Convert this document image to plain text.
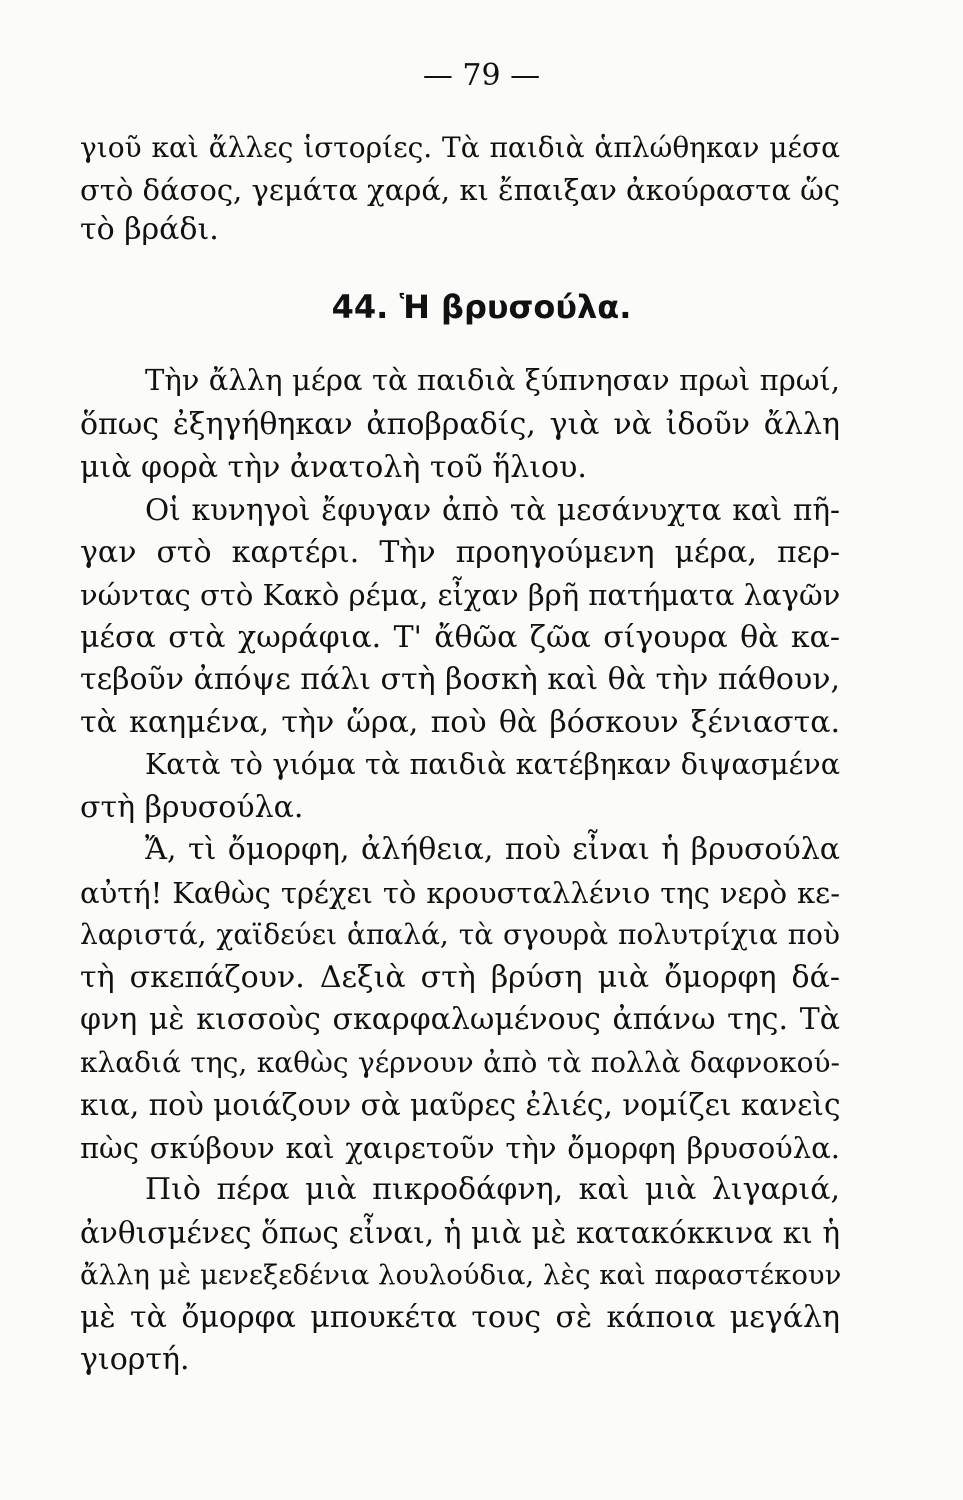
— 79 —
γιοῦ καὶ ἄλλες ἱστορίες. Τὰ παιδιὰ ἁπλώθηκαν μέσα
στὸ δάσος, γεμάτα χαρά, κι ἔπαιξαν ἀκούραστα ὥς
τὸ βράδι.
44. Ἡ βρυσούλα.
Τὴν ἄλλη μέρα τὰ παιδιὰ ξύπνησαν πρωὶ πρωί,
ὅπως ἐξηγήθηκαν ἀποβραδίς, γιὰ νὰ ἰδοῦν ἄλλη
μιὰ φορὰ τὴν ἀνατολὴ τοῦ ἥλιου.
Οἱ κυνηγοὶ ἔφυγαν ἀπὸ τὰ μεσάνυχτα καὶ πῆ-
γαν στὸ καρτέρι. Τὴν προηγούμενη μέρα, περ-
νώντας στὸ Κακὸ ρέμα, εἶχαν βρῆ πατήματα λαγῶν
μέσα στὰ χωράφια. Τ' ἄθῶα ζῶα σίγουρα θὰ κα-
τεβοῦν ἀπόψε πάλι στὴ βοσκὴ καὶ θὰ τὴν πάθουν,
τὰ καημένα, τὴν ὥρα, ποὺ θὰ βόσκουν ξένιαστα.
Κατὰ τὸ γιόμα τὰ παιδιὰ κατέβηκαν διψασμένα
στὴ βρυσούλα.
Ἄ, τὶ ὄμορφη, ἀλήθεια, ποὺ εἶναι ἡ βρυσούλα
αὐτή! Καθὼς τρέχει τὸ κρουσταλλένιο της νερὸ κε-
λαριστά, χαϊδεύει ἁπαλά, τὰ σγουρὰ πολυτρίχια ποὺ
τὴ σκεπάζουν. Δεξιὰ στὴ βρύση μιὰ ὄμορφη δά-
φνη μὲ κισσοὺς σκαρφαλωμένους ἀπάνω της. Τὰ
κλαδιά της, καθὼς γέρνουν ἀπὸ τὰ πολλὰ δαφνοκού-
κια, ποὺ μοιάζουν σὰ μαῦρες ἐλιές, νομίζει κανεὶς
πὼς σκύβουν καὶ χαιρετοῦν τὴν ὄμορφη βρυσούλα.
Πιὸ πέρα μιὰ πικροδάφνη, καὶ μιὰ λιγαριά,
ἀνθισμένες ὅπως εἶναι, ἡ μιὰ μὲ κατακόκκινα κι ἡ
ἄλλη μὲ μενεξεδένια λουλούδια, λὲς καὶ παραστέκουν
μὲ τὰ ὄμορφα μπουκέτα τους σὲ κάποια μεγάλη
γιορτή.
